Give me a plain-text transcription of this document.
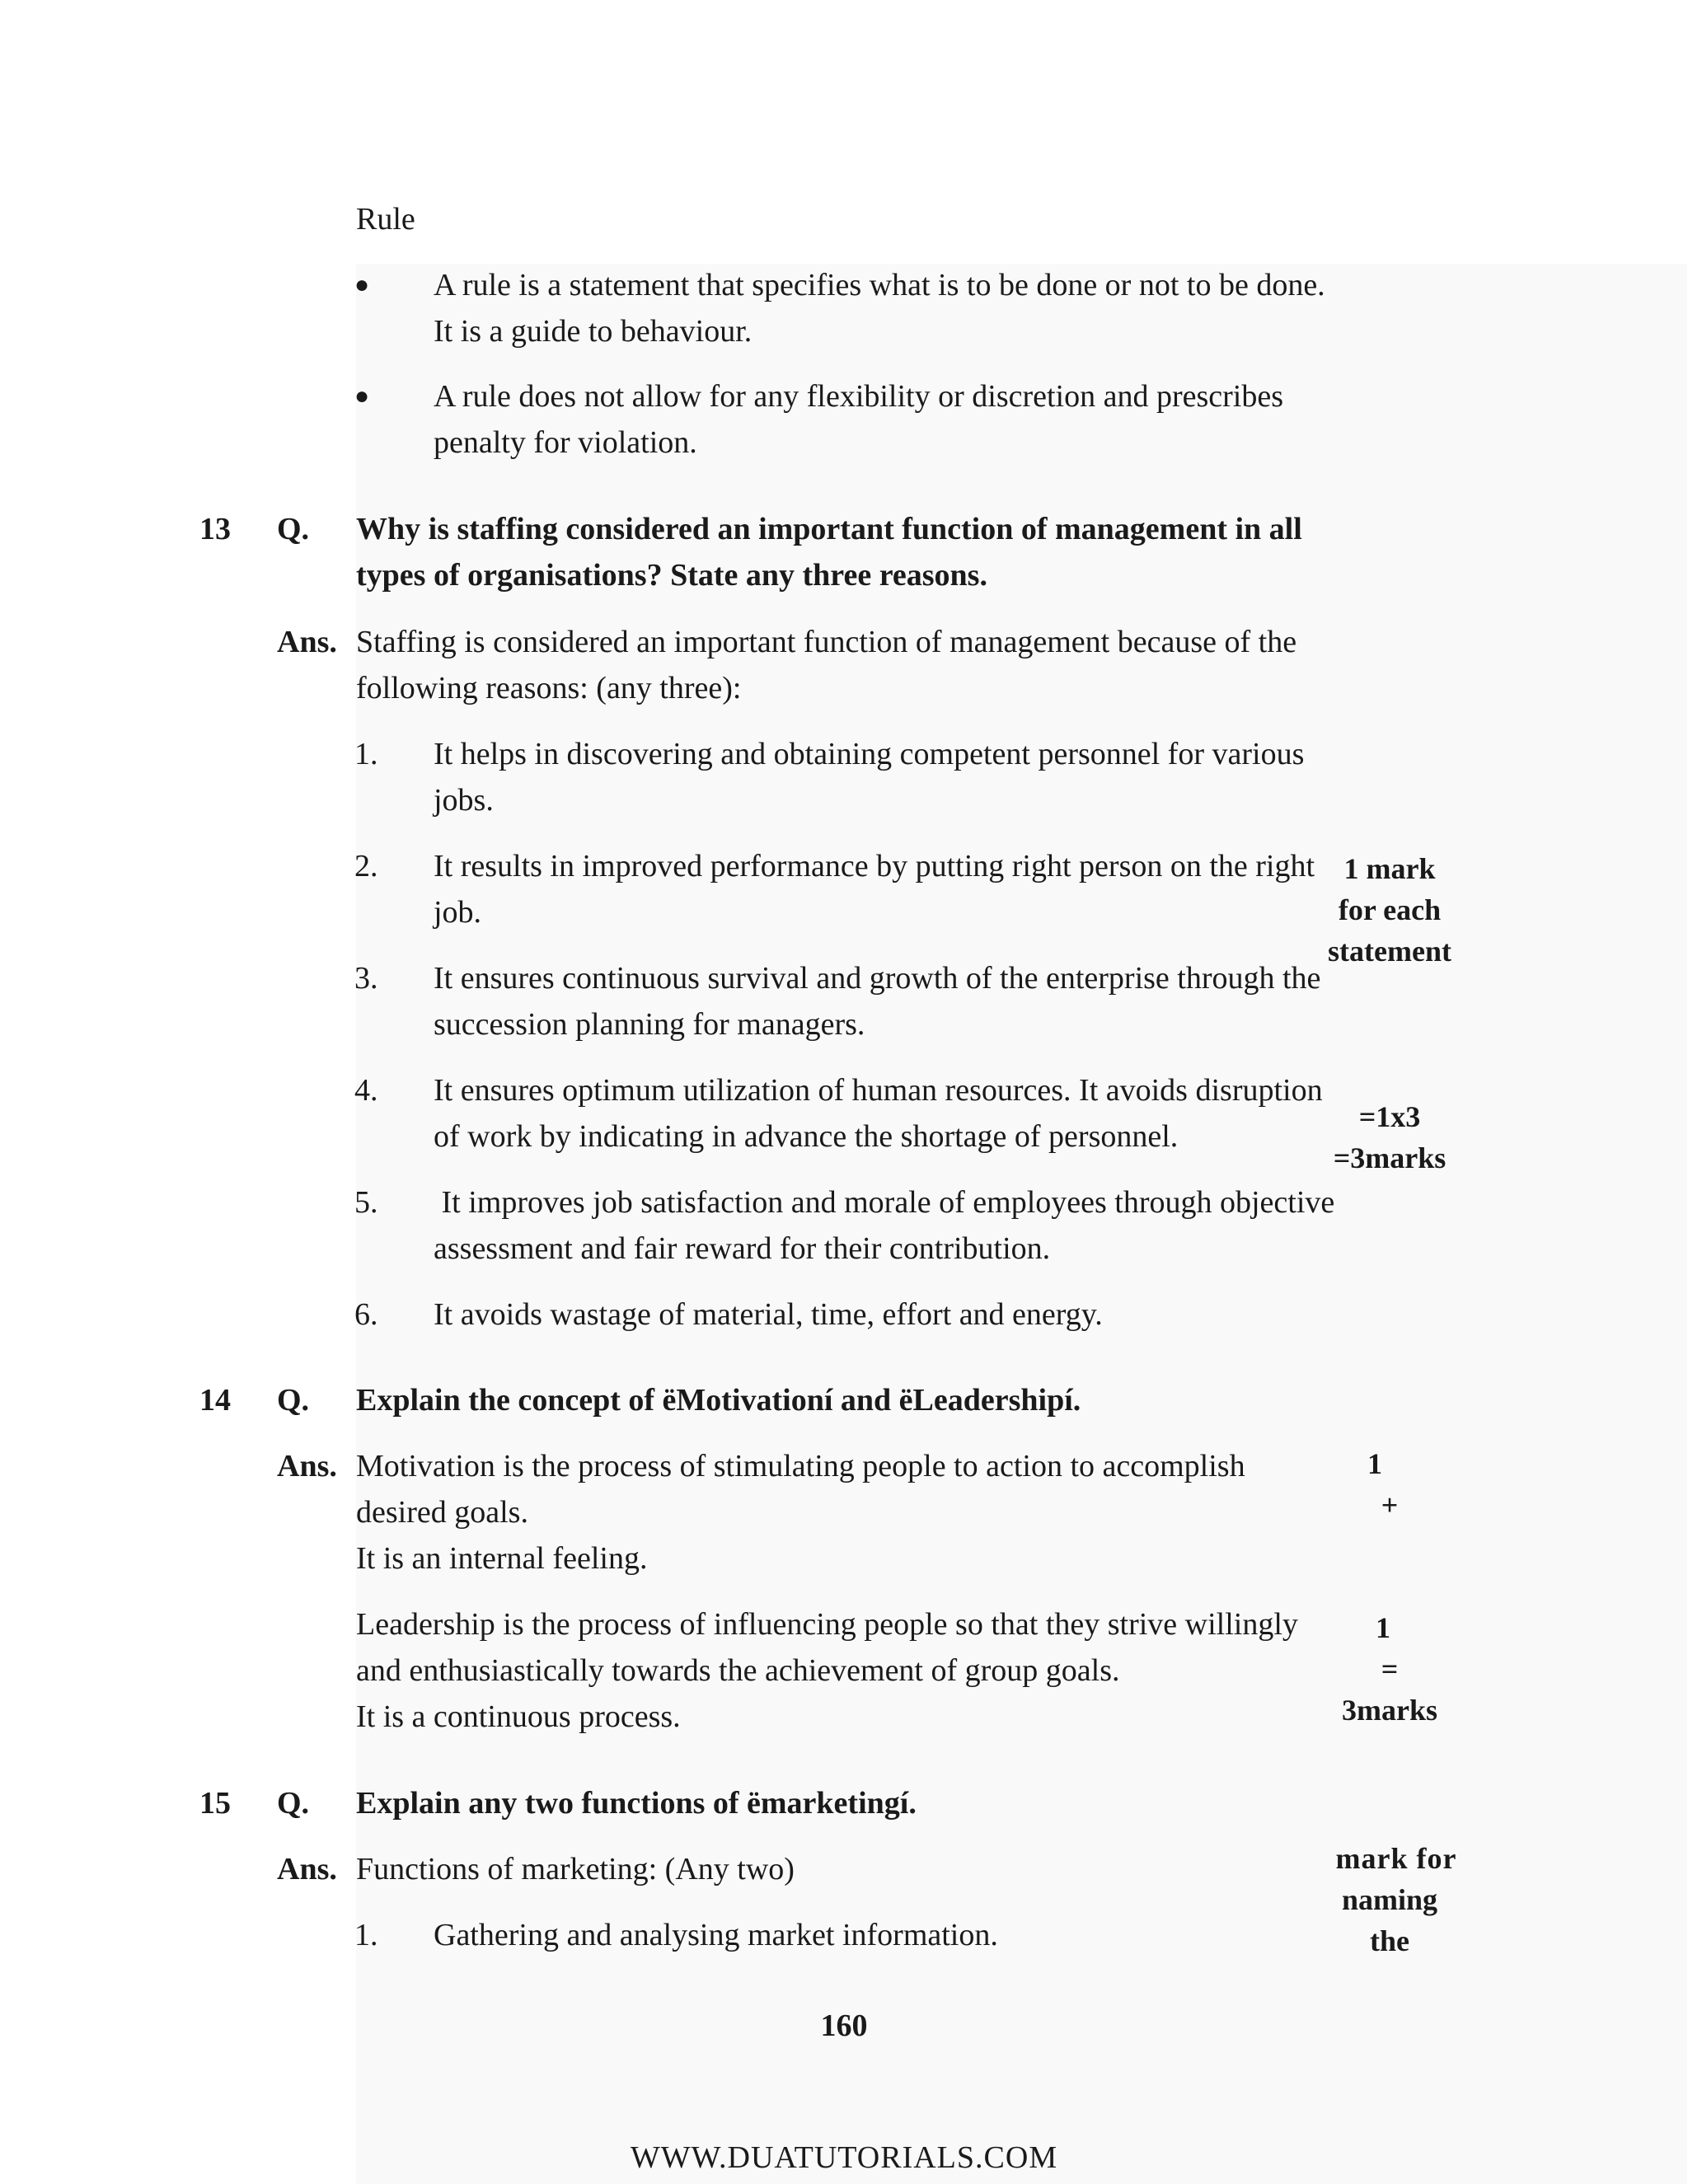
Rule
● A rule is a statement that specifies what is to be done or not to be done.
It is a guide to behaviour.
● A rule does not allow for any flexibility or discretion and prescribes
penalty for violation.
13 Q. Why is staffing considered an important function of management in all
types of organisations? State any three reasons.
Ans. Staffing is considered an important function of management because of the
following reasons: (any three):
1. It helps in discovering and obtaining competent personnel for various
jobs.
2. It results in improved performance by putting right person on the right
job.
3. It ensures continuous survival and growth of the enterprise through the
succession planning for managers.
4. It ensures optimum utilization of human resources. It avoids disruption
of work by indicating in advance the shortage of personnel.
5. It improves job satisfaction and morale of employees through objective
assessment and fair reward for their contribution.
6. It avoids wastage of material, time, effort and energy.
1 mark
for each
statement
=1x3
=3marks
14 Q. Explain the concept of ëMotivationí and ëLeadershipí.
Ans. Motivation is the process of stimulating people to action to accomplish
desired goals.
It is an internal feeling.
Leadership is the process of influencing people so that they strive willingly
and enthusiastically towards the achievement of group goals.
It is a continuous process.
1
+
1
=
3marks
15 Q. Explain any two functions of ëmarketingí.
Ans. Functions of marketing: (Any two)
1. Gathering and analysing market information.
mark for
naming
the
160
WWW.DUATUTORIALS.COM
